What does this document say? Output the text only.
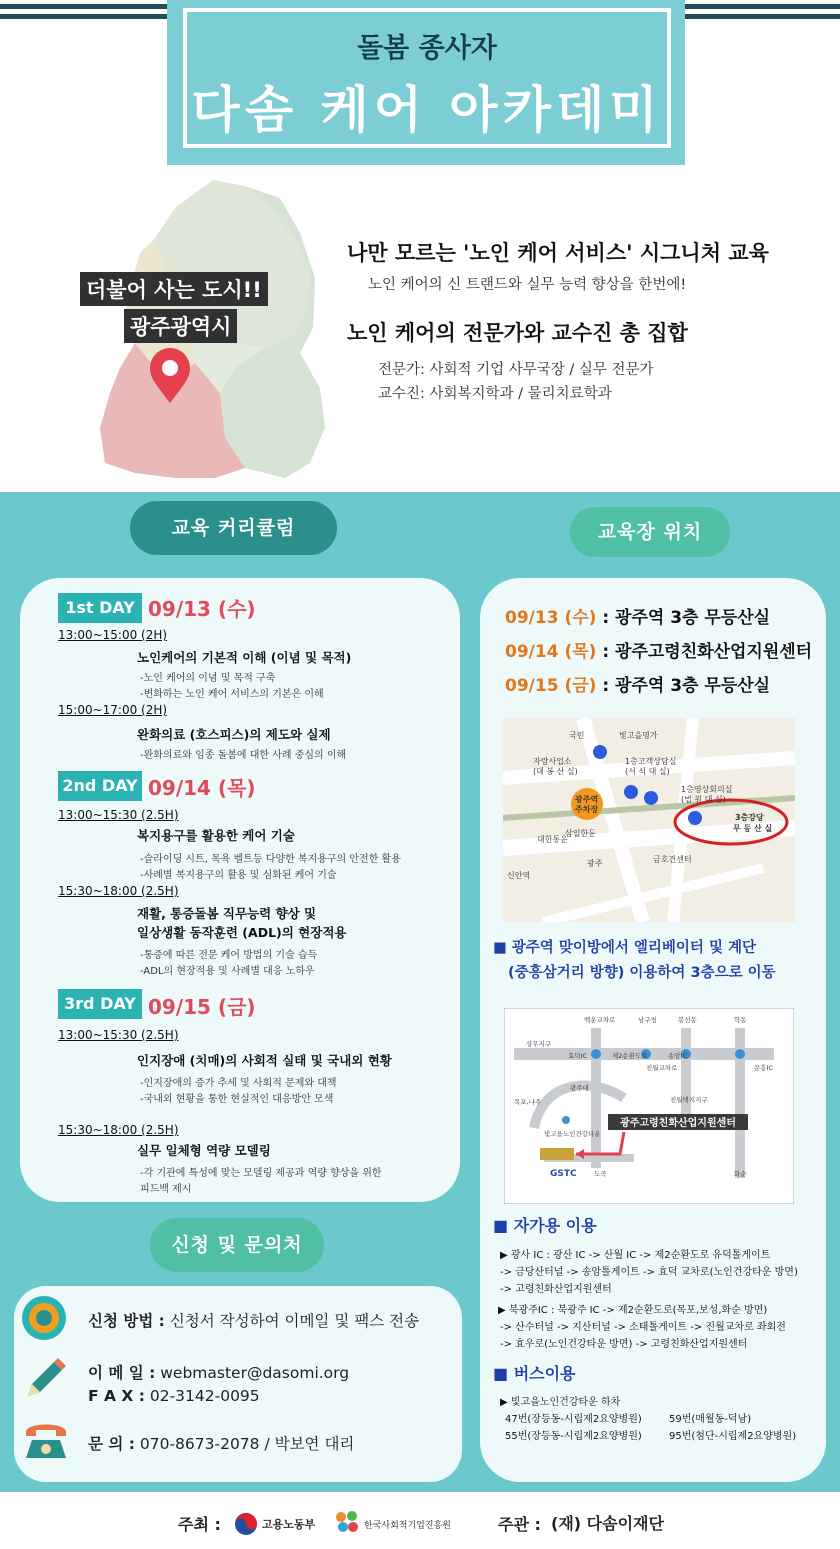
돌봄 종사자
다솜 케어 아카데미
더불어 사는 도시!!
광주광역시
나만 모르는 '노인 케어 서비스' 시그니처 교육
노인 케어의 신 트랜드와 실무 능력 향상을 한번에!
노인 케어의 전문가와 교수진 총 집합
전문가: 사회적 기업 사무국장 / 실무 전문가
교수진: 사회복지학과 / 물리치료학과
교육 커리큘럼
1st DAY 09/13 (수)
13:00~15:00 (2H)
노인케어의 기본적 이해 (이념 및 목적)
-노인 케어의 이념 및 목적 구축
-변화하는 노인 케어 서비스의 기본은 이해
15:00~17:00 (2H)
완화의료 (호스피스)의 제도와 실제
-완화의료와 임종 돌봄에 대한 사례 중심의 이해
2nd DAY 09/14 (목)
13:00~15:30 (2.5H)
복지용구를 활용한 케어 기술
-슬라이딩 시트, 목욕 벨트등 다양한 복지용구의 안전한 활용
-사례별 복지용구의 활용 및 심화된 케어 기술
15:30~18:00 (2.5H)
재활, 통증돌봄 직무능력 향상 및
일상생활 동작훈련 (ADL)의 현장적용
-통증에 따른 전문 케어 방법의 기술 습득
-ADL의 현장적용 및 사례별 대응 노하우
3rd DAY 09/15 (금)
13:00~15:30 (2.5H)
인지장애 (치매)의 사회적 실태 및 국내외 현황
-인지장애의 증가 추세 및 사회적 문제와 대책
-국내외 현황을 통한 현실적인 대응방안 모색
15:30~18:00 (2.5H)
실무 일체형 역량 모델링
-각 기관에 특성에 맞는 모델링 제공과 역량 향상을 위한
피드백 제시
신청 및 문의처
신청 방법 : 신청서 작성하여 이메일 및 팩스 전송
이 메 일 : webmaster@dasomi.org
F A X : 02-3142-0095
문 의 : 070-8673-2078 / 박보연 대리
교육장 위치
09/13 (수) : 광주역 3층 무등산실
09/14 (목) : 광주고령친화산업지원센터
09/15 (금) : 광주역 3층 무등산실
국민	빛고을명가
자랑사업소
(대 봉 산 실)
광주역
주차장
1층고객상담실
(서 석 대 실)
1층영상회의실
(법 원 대 실)
3층강당
무 등 산 실
삼일한둔
금호건센터
광주
신안역
대한통운
■ 광주역 맞이방에서 엘리베이터 및 계단
(중흥삼거리 방향) 이용하여 3층으로 이동
광주고령친화산업지원센터
GSTC
백운교차로	남구청	봉선동	학동
상무지구
효덕IC	제2순환도로	송암IC
문흥IC
진월교차로
광주대
목포,나주	진월택지지구
빛고을노인건강타운
도곡	화순
■ 자가용 이용
▶ 광사 IC : 광산 IC -> 산월 IC -> 제2순환도로 유덕톨게이트
-> 금당산터널 -> 송암톨게이트 -> 효덕 교차로(노인건강타운 방면)
-> 고령친화산업지원센터
▶ 북광주IC : 북광주 IC -> 제2순환도로(목포,보성,화순 방면)
-> 산수터널 -> 지산터널 -> 소태톨게이트 -> 진월교차로 좌회전
-> 효우로(노인건강타운 방면) -> 고령친화산업지원센터
■ 버스이용
▶ 빛고을노인건강타운 하차
47번(장등동-시립제2요양병원)	59번(매월동-덕남)
55번(장등동-시립제2요양병원)	95번(첨단-시립제2요양병원)
주최 :	고용노동부	한국사회적기업진흥원	주관 : (재) 다솜이재단
